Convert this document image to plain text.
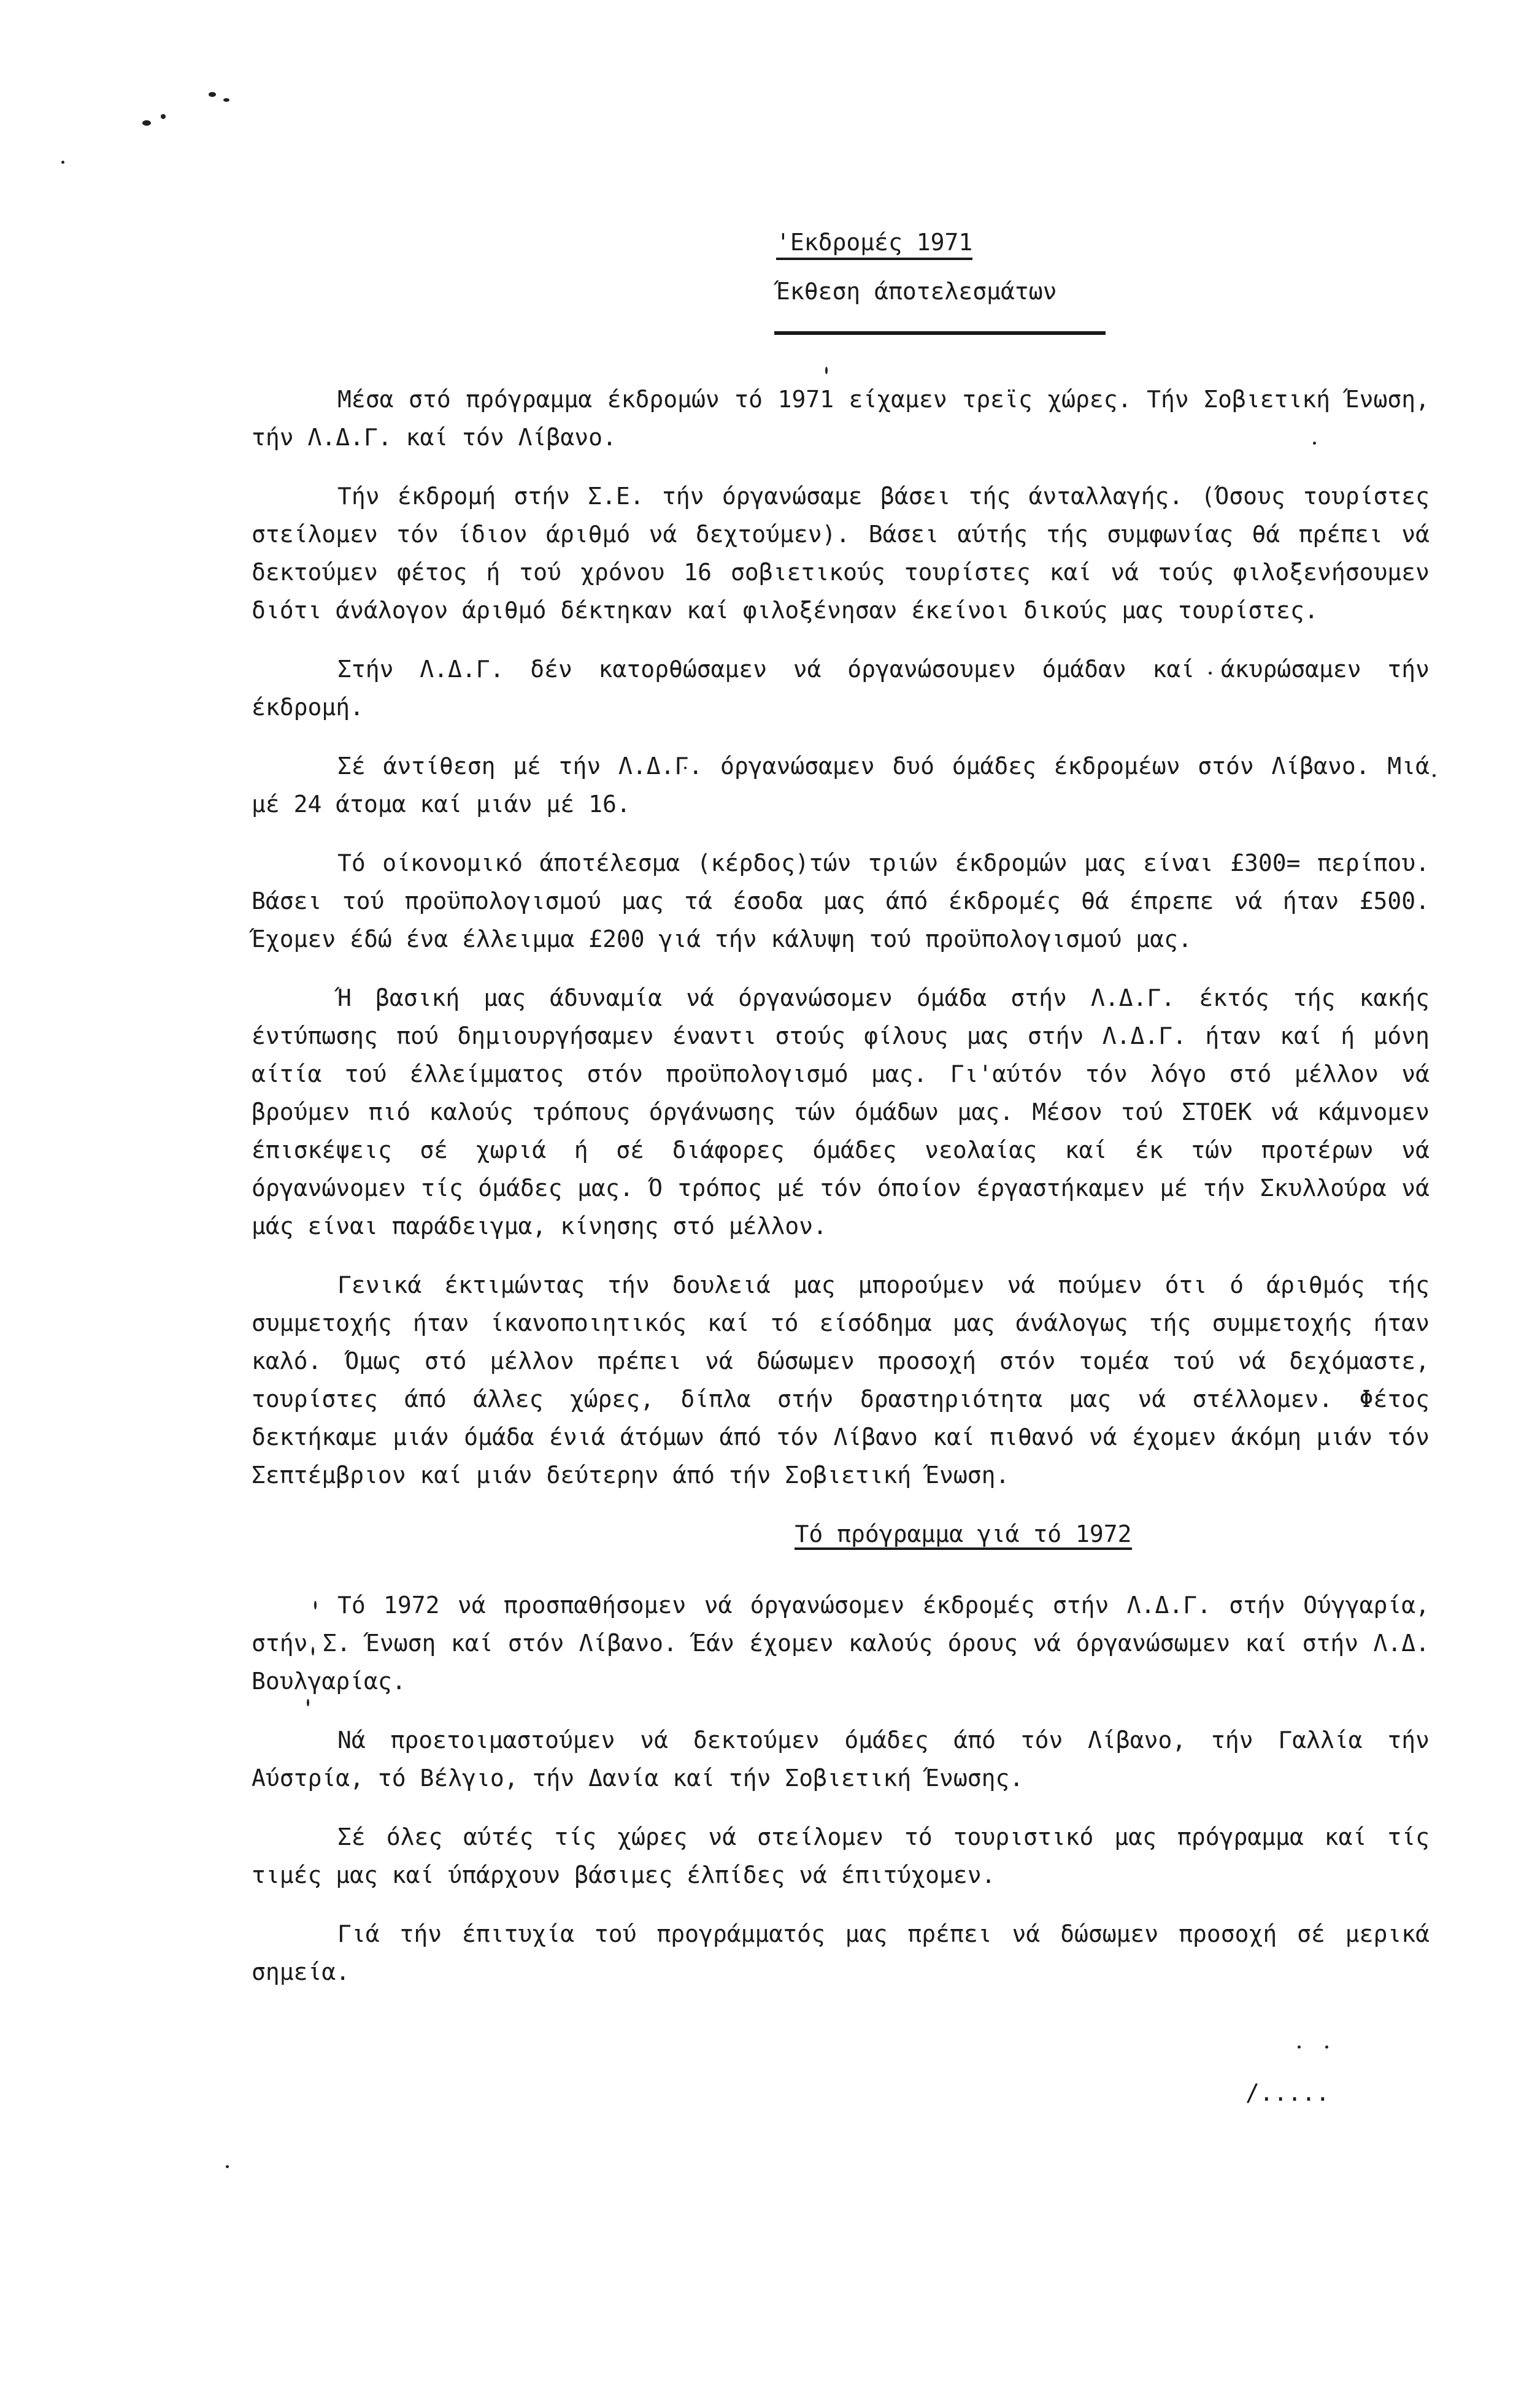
'Εκδρομές 1971
Έκθεση άποτελεσμάτων

Μέσα στό πρόγραμμα έκδρομών τό 1971 είχαμεν τρεϊς χώρες. Τήν Σοβιετική Ένωση, τήν Λ.Δ.Γ. καί τόν Λίβανο.

Τήν έκδρομή στήν Σ.Ε. τήν όργανώσαμε βάσει τής άνταλλαγής. (Όσους τουρίστες στείλομεν τόν ίδιον άριθμό νά δεχτούμεν). Βάσει αύτής τής συμφωνίας θά πρέπει νά δεκτούμεν φέτος ή τού χρόνου 16 σοβιετικούς τουρίστες καί νά τούς φιλοξενήσουμεν διότι άνάλογον άριθμό δέκτηκαν καί φιλοξένησαν έκείνοι δικούς μας τουρίστες.

Στήν Λ.Δ.Γ. δέν κατορθώσαμεν νά όργανώσουμεν όμάδαν καί άκυρώσαμεν τήν έκδρομή.

Σέ άντίθεση μέ τήν Λ.Δ.Γ. όργανώσαμεν δυό όμάδες έκδρομέων στόν Λίβανο. Μιά μέ 24 άτομα καί μιάν μέ 16.

Τό οίκονομικό άποτέλεσμα (κέρδος)τών τριών έκδρομών μας είναι £300= περίπου. Βάσει τού προϋπολογισμού μας τά έσοδα μας άπό έκδρομές θά έπρεπε νά ήταν £500. Έχομεν έδώ ένα έλλειμμα £200 γιά τήν κάλυψη τού προϋπολογισμού μας.

Ή βασική μας άδυναμία νά όργανώσομεν όμάδα στήν Λ.Δ.Γ. έκτός τής κακής έντύπωσης πού δημιουργήσαμεν έναντι στούς φίλους μας στήν Λ.Δ.Γ. ήταν καί ή μόνη αίτία τού έλλείμματος στόν προϋπολογισμό μας. Γι'αύτόν τόν λόγο στό μέλλον νά βρούμεν πιό καλούς τρόπους όργάνωσης τών όμάδων μας. Μέσον τού ΣΤΟΕΚ νά κάμνομεν έπισκέψεις σέ χωριά ή σέ διάφορες όμάδες νεολαίας καί έκ τών προτέρων νά όργανώνομεν τίς όμάδες μας. Ό τρόπος μέ τόν όποίον έργαστήκαμεν μέ τήν Σκυλλούρα νά μάς είναι παράδειγμα, κίνησης στό μέλλον.

Γενικά έκτιμώντας τήν δουλειά μας μπορούμεν νά πούμεν ότι ό άριθμός τής συμμετοχής ήταν ίκανοποιητικός καί τό είσόδημα μας άνάλογως τής συμμετοχής ήταν καλό. Όμως στό μέλλον πρέπει νά δώσωμεν προσοχή στόν τομέα τού νά δεχόμαστε, τουρίστες άπό άλλες χώρες, δίπλα στήν δραστηριότητα μας νά στέλλομεν. Φέτος δεκτήκαμε μιάν όμάδα ένιά άτόμων άπό τόν Λίβανο καί πιθανό νά έχομεν άκόμη μιάν τόν Σεπτέμβριον καί μιάν δεύτερην άπό τήν Σοβιετική Ένωση.

Τό πρόγραμμα γιά τό 1972

Τό 1972 νά προσπαθήσομεν νά όργανώσομεν έκδρομές στήν Λ.Δ.Γ. στήν Ούγγαρία, στήν Σ. Ένωση καί στόν Λίβανο. Έάν έχομεν καλούς όρους νά όργανώσωμεν καί στήν Λ.Δ. Βουλγαρίας.

Νά προετοιμαστούμεν νά δεκτούμεν όμάδες άπό τόν Λίβανο, τήν Γαλλία τήν Αύστρία, τό Βέλγιο, τήν Δανία καί τήν Σοβιετική Ένωσης.

Σέ όλες αύτές τίς χώρες νά στείλομεν τό τουριστικό μας πρόγραμμα καί τίς τιμές μας καί ύπάρχουν βάσιμες έλπίδες νά έπιτύχομεν.

Γιά τήν έπιτυχία τού προγράμματός μας πρέπει νά δώσωμεν προσοχή σέ μερικά σημεία.

/.....
